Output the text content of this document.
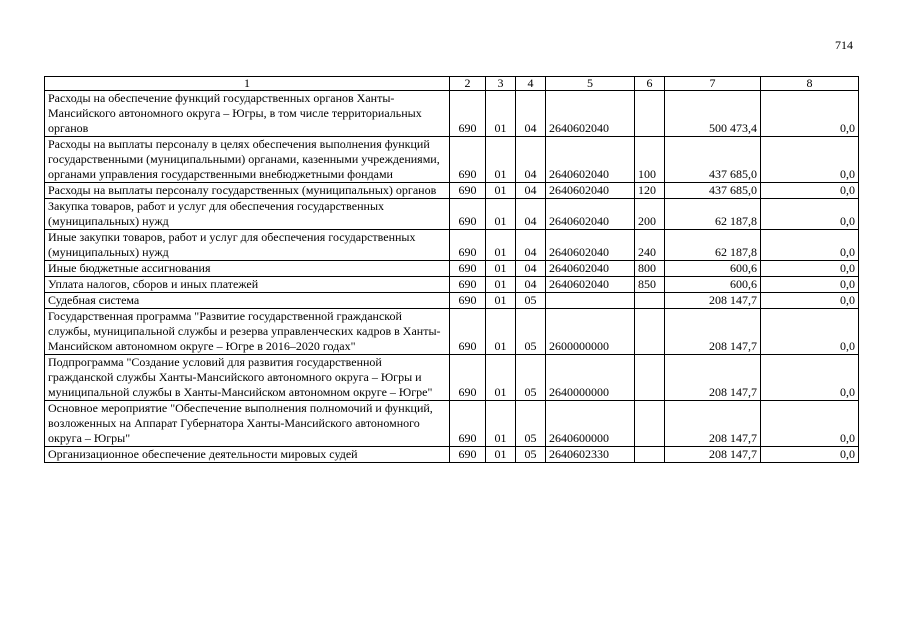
714
1	2	3	4	5	6	7	8
Расходы на обеспечение функций государственных органов Ханты-Мансийского автономного округа – Югры, в том числе территориальных органов	690	01	04	2640602040		500 473,4	0,0
Расходы на выплаты персоналу в целях обеспечения выполнения функций государственными (муниципальными) органами, казенными учреждениями, органами управления государственными внебюджетными фондами	690	01	04	2640602040	100	437 685,0	0,0
Расходы на выплаты персоналу государственных (муниципальных) органов	690	01	04	2640602040	120	437 685,0	0,0
Закупка товаров, работ и услуг для обеспечения государственных (муниципальных) нужд	690	01	04	2640602040	200	62 187,8	0,0
Иные закупки товаров, работ и услуг для обеспечения государственных (муниципальных) нужд	690	01	04	2640602040	240	62 187,8	0,0
Иные бюджетные ассигнования	690	01	04	2640602040	800	600,6	0,0
Уплата налогов, сборов и иных платежей	690	01	04	2640602040	850	600,6	0,0
Судебная система	690	01	05			208 147,7	0,0
Государственная программа "Развитие государственной гражданской службы, муниципальной службы и резерва управленческих кадров в Ханты-Мансийском автономном округе – Югре в 2016–2020 годах"	690	01	05	2600000000		208 147,7	0,0
Подпрограмма "Создание условий для развития государственной гражданской службы Ханты-Мансийского автономного округа – Югры и муниципальной службы в Ханты-Мансийском автономном округе – Югре"	690	01	05	2640000000		208 147,7	0,0
Основное мероприятие "Обеспечение выполнения полномочий и функций, возложенных на Аппарат Губернатора Ханты-Мансийского автономного округа – Югры"	690	01	05	2640600000		208 147,7	0,0
Организационное обеспечение деятельности мировых судей	690	01	05	2640602330		208 147,7	0,0
